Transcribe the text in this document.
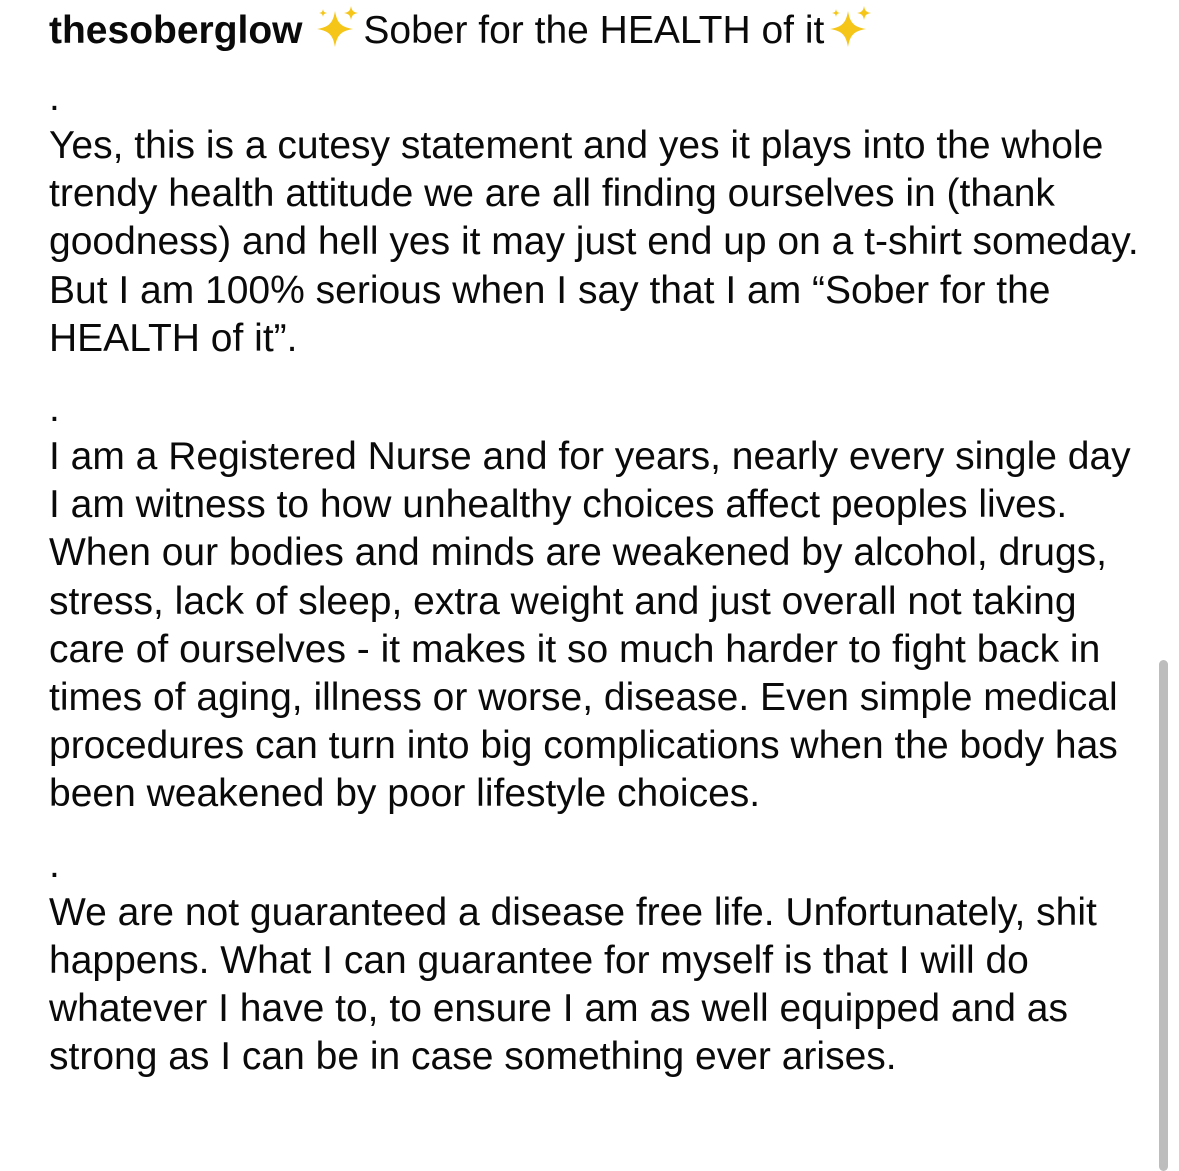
thesoberglow Sober for the HEALTH of it
.

Yes, this is a cutesy statement and yes it plays into the whole trendy health attitude we are all finding ourselves in (thank goodness) and hell yes it may just end up on a t-shirt someday. But I am 100% serious when I say that I am “Sober for the HEALTH of it”.

.

I am a Registered Nurse and for years, nearly every single day I am witness to how unhealthy choices affect peoples lives. When our bodies and minds are weakened by alcohol, drugs, stress, lack of sleep, extra weight and just overall not taking care of ourselves - it makes it so much harder to fight back in times of aging, illness or worse, disease. Even simple medical procedures can turn into big complications when the body has been weakened by poor lifestyle choices.

.

We are not guaranteed a disease free life. Unfortunately, shit happens. What I can guarantee for myself is that I will do whatever I have to, to ensure I am as well equipped and as strong as I can be in case something ever arises.
